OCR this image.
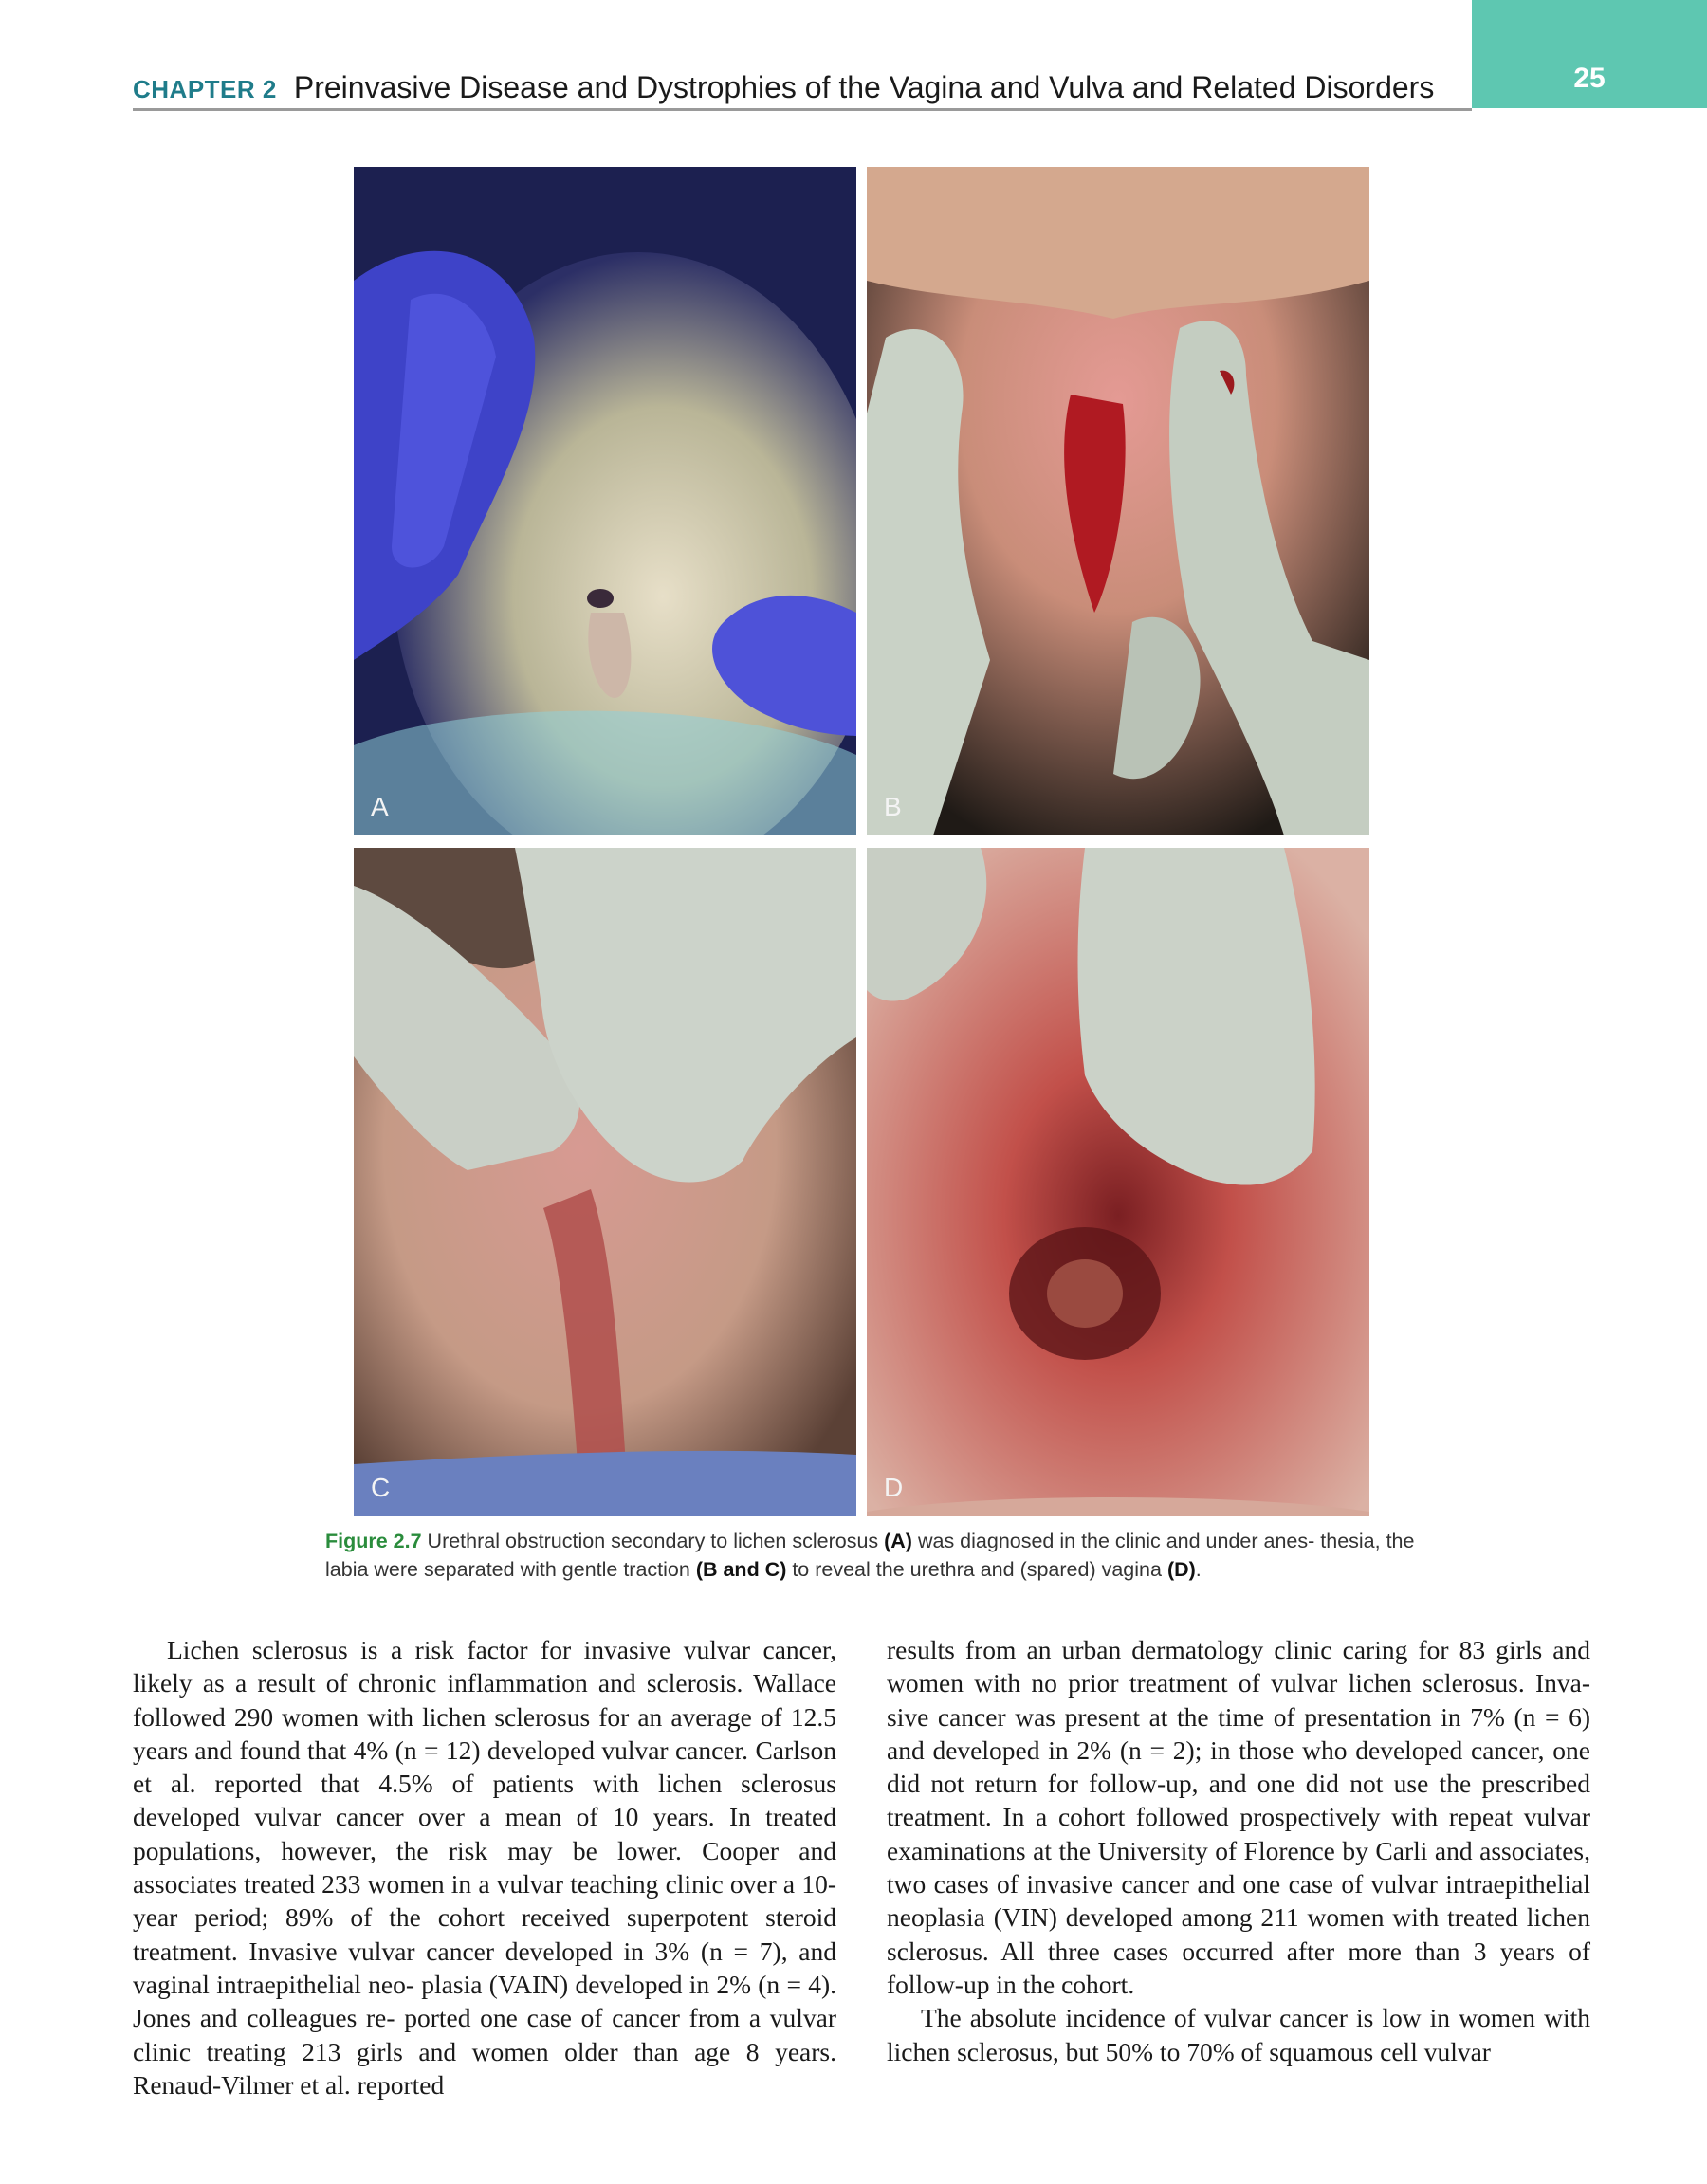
25
CHAPTER 2 Preinvasive Disease and Dystrophies of the Vagina and Vulva and Related Disorders
A	B
C	D
Figure 2.7 Urethral obstruction secondary to lichen sclerosus (A) was diagnosed in the clinic and under anes- thesia, the labia were separated with gentle traction (B and C) to reveal the urethra and (spared) vagina (D).

Lichen sclerosus is a risk factor for invasive vulvar cancer, likely as a result of chronic inflammation and sclerosis. Wallace followed 290 women with lichen sclerosus for an average of 12.5 years and found that 4% (n = 12) developed vulvar cancer. Carlson et al. reported that 4.5% of patients with lichen sclerosus developed vulvar cancer over a mean of 10 years. In treated populations, however, the risk may be lower. Cooper and associates treated 233 women in a vulvar teaching clinic over a 10-year period; 89% of the cohort received superpotent steroid treatment. Invasive vulvar cancer developed in 3% (n = 7), and vaginal intraepithelial neo- plasia (VAIN) developed in 2% (n = 4). Jones and colleagues re- ported one case of cancer from a vulvar clinic treating 213 girls and women older than age 8 years. Renaud-Vilmer et al. reported

results from an urban dermatology clinic caring for 83 girls and women with no prior treatment of vulvar lichen sclerosus. Inva- sive cancer was present at the time of presentation in 7% (n = 6) and developed in 2% (n = 2); in those who developed cancer, one did not return for follow-up, and one did not use the prescribed treatment. In a cohort followed prospectively with repeat vulvar examinations at the University of Florence by Carli and associates, two cases of invasive cancer and one case of vulvar intraepithelial neoplasia (VIN) developed among 211 women with treated lichen sclerosus. All three cases occurred after more than 3 years of follow-up in the cohort.

The absolute incidence of vulvar cancer is low in women with lichen sclerosus, but 50% to 70% of squamous cell vulvar
